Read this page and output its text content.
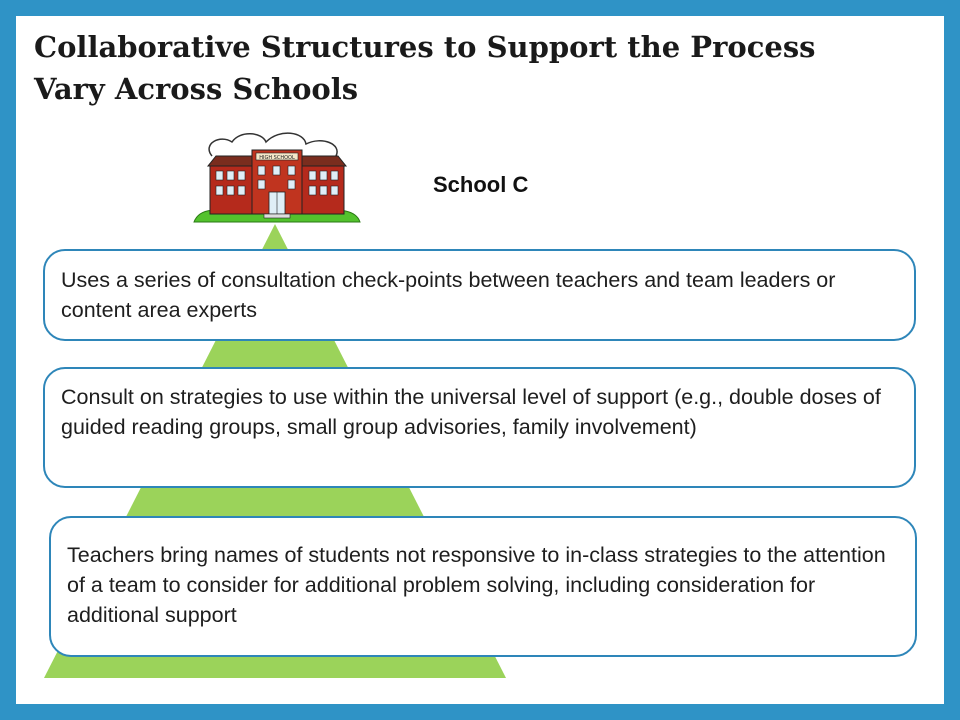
Collaborative Structures to Support the Process
Vary Across Schools
HIGH SCHOOL
School C
Uses a series of consultation check-points between teachers and team leaders or content area experts
Consult on strategies to use within the universal level of support (e.g., double doses of guided reading groups, small group advisories, family involvement)
Teachers bring names of students not responsive to in-class strategies to the attention of a team to consider for additional problem solving, including consideration for additional support
